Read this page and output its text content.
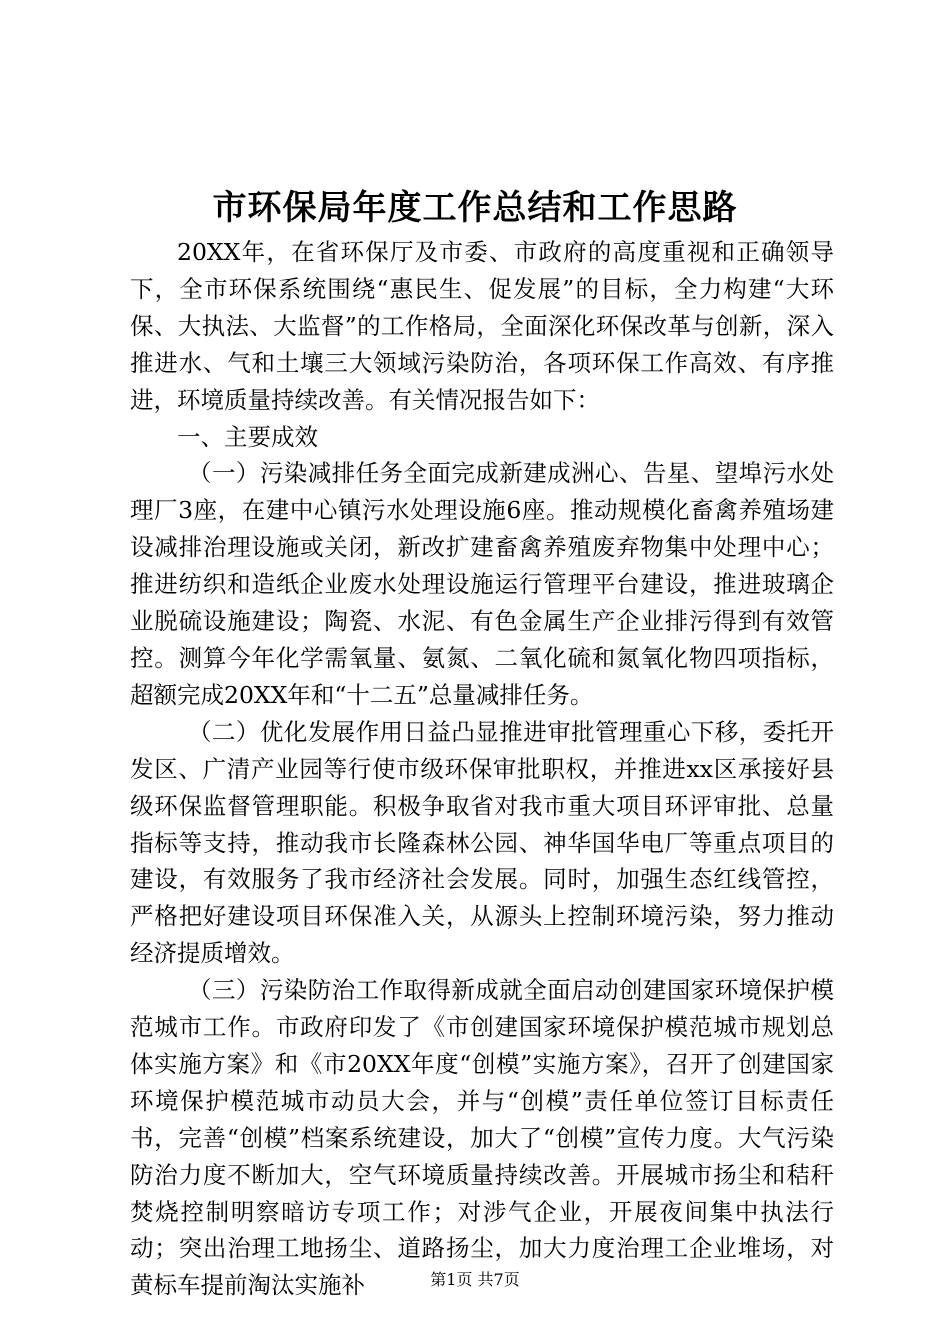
市环保局年度工作总结和工作思路

20XX年，在省环保厅及市委、市政府的高度重视和正确领导下，全市环保系统围绕“惠民生、促发展”的目标，全力构建“大环保、大执法、大监督”的工作格局，全面深化环保改革与创新，深入推进水、气和土壤三大领域污染防治，各项环保工作高效、有序推进，环境质量持续改善。有关情况报告如下：

一、主要成效

（一）污染减排任务全面完成新建成洲心、告星、望埠污水处理厂3座，在建中心镇污水处理设施6座。推动规模化畜禽养殖场建设减排治理设施或关闭，新改扩建畜禽养殖废弃物集中处理中心；推进纺织和造纸企业废水处理设施运行管理平台建设，推进玻璃企业脱硫设施建设；陶瓷、水泥、有色金属生产企业排污得到有效管控。测算今年化学需氧量、氨氮、二氧化硫和氮氧化物四项指标，超额完成20XX年和“十二五”总量减排任务。

（二）优化发展作用日益凸显推进审批管理重心下移，委托开发区、广清产业园等行使市级环保审批职权，并推进xx区承接好县级环保监督管理职能。积极争取省对我市重大项目环评审批、总量指标等支持，推动我市长隆森林公园、神华国华电厂等重点项目的建设，有效服务了我市经济社会发展。同时，加强生态红线管控，严格把好建设项目环保准入关，从源头上控制环境污染，努力推动经济提质增效。

（三）污染防治工作取得新成就全面启动创建国家环境保护模范城市工作。市政府印发了《市创建国家环境保护模范城市规划总体实施方案》和《市20XX年度“创模”实施方案》，召开了创建国家环境保护模范城市动员大会，并与“创模”责任单位签订目标责任书，完善“创模”档案系统建设，加大了“创模”宣传力度。大气污染防治力度不断加大，空气环境质量持续改善。开展城市扬尘和秸秆焚烧控制明察暗访专项工作；对涉气企业，开展夜间集中执法行动；突出治理工地扬尘、道路扬尘，加大力度治理工企业堆场，对黄标车提前淘汰实施补	第1页 共7页
